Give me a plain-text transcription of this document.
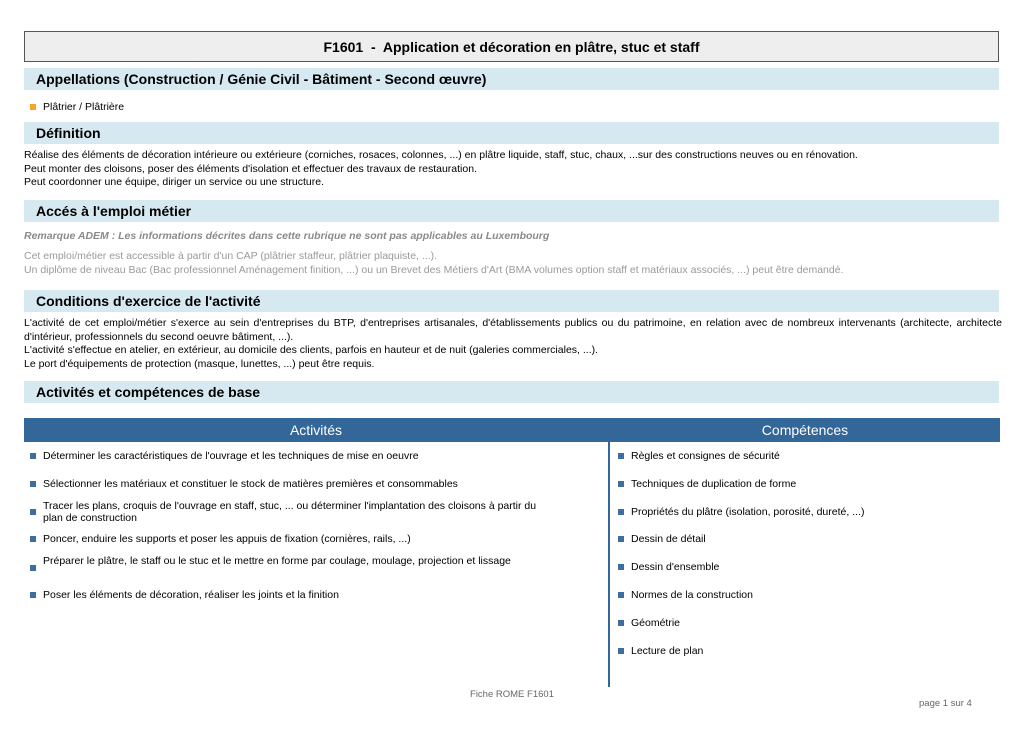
F1601  -  Application et décoration en plâtre, stuc et staff
Appellations (Construction / Génie Civil - Bâtiment - Second œuvre)
Plâtrier / Plâtrière
Définition
Réalise des éléments de décoration intérieure ou extérieure (corniches, rosaces, colonnes, ...) en plâtre liquide, staff, stuc, chaux, ...sur des constructions neuves ou en rénovation.
Peut monter des cloisons, poser des éléments d'isolation et effectuer des travaux de restauration.
Peut coordonner une équipe, diriger un service ou une structure.
Accés à l'emploi métier
Remarque ADEM : Les informations décrites dans cette rubrique ne sont pas applicables au Luxembourg
Cet emploi/métier est accessible à partir d'un CAP (plâtrier staffeur, plâtrier plaquiste, ...).
Un diplôme de niveau Bac (Bac professionnel Aménagement finition, ...) ou un Brevet des Métiers d'Art (BMA volumes option staff et matériaux associés, ...) peut être demandé.
Conditions d'exercice de l'activité
L'activité de cet emploi/métier s'exerce au sein d'entreprises du BTP, d'entreprises artisanales, d'établissements publics ou du patrimoine, en relation avec de nombreux intervenants (architecte, architecte d'intérieur, professionnels du second oeuvre bâtiment, ...).
L'activité s'effectue en atelier, en extérieur, au domicile des clients, parfois en hauteur et de nuit (galeries commerciales, ...).
Le port d'équipements de protection (masque, lunettes, ...) peut être requis.
Activités et compétences de base
Activités	Compétences
Déterminer les caractéristiques de l'ouvrage et les techniques de mise en oeuvre
Sélectionner les matériaux et constituer le stock de matières premières et consommables
Tracer les plans, croquis de l'ouvrage en staff, stuc, ... ou déterminer l'implantation des cloisons à partir du plan de construction
Poncer, enduire les supports et poser les appuis de fixation (cornières, rails, ...)
Préparer le plâtre, le staff ou le stuc et le mettre en forme par coulage, moulage, projection et lissage
Poser les éléments de décoration, réaliser les joints et la finition
Règles et consignes de sécurité
Techniques de duplication de forme
Propriétés du plâtre (isolation, porosité, dureté, ...)
Dessin de détail
Dessin d'ensemble
Normes de la construction
Géométrie
Lecture de plan
Fiche ROME F1601
page 1 sur 4
